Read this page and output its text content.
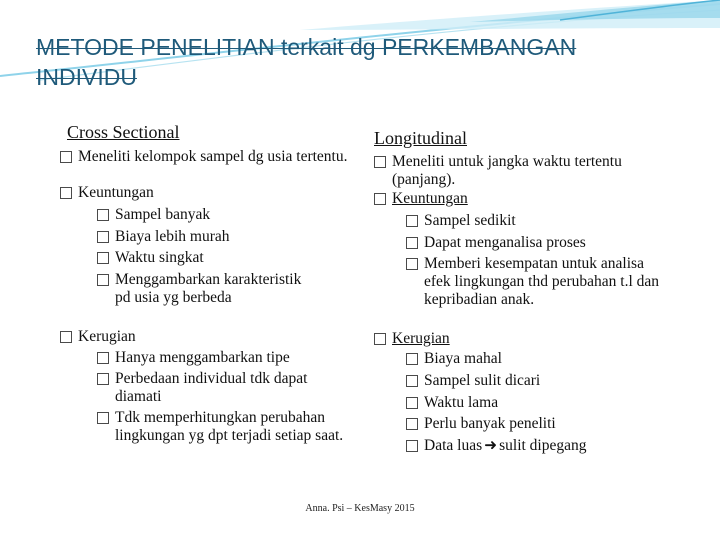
METODE PENELITIAN terkait dg PERKEMBANGAN INDIVIDU
Cross Sectional
Meneliti kelompok sampel dg usia tertentu.
Keuntungan
Sampel banyak
Biaya lebih murah
Waktu singkat
Menggambarkan karakteristik pd usia yg berbeda
Kerugian
Hanya menggambarkan tipe
Perbedaan individual tdk dapat diamati
Tdk memperhitungkan perubahan lingkungan yg dpt terjadi setiap saat.
Longitudinal
Meneliti untuk jangka waktu tertentu (panjang).
Keuntungan
Sampel sedikit
Dapat menganalisa proses
Memberi kesempatan untuk analisa efek lingkungan thd perubahan t.l dan kepribadian anak.
Kerugian
Biaya mahal
Sampel sulit dicari
Waktu lama
Perlu banyak peneliti
Data luas ➜ sulit dipegang
Anna. Psi – KesMasy 2015
